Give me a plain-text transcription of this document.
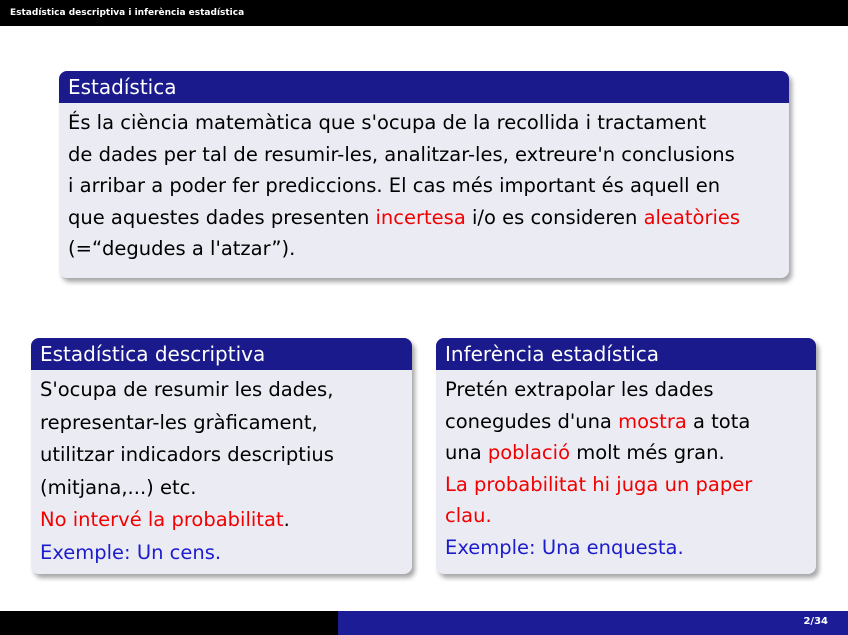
Estadística descriptiva i inferència estadística
Estadística
És la ciència matemàtica que s'ocupa de la recollida i tractament
de dades per tal de resumir-les, analitzar-les, extreure'n conclusions
i arribar a poder fer prediccions. El cas més important és aquell en
que aquestes dades presenten incertesa i/o es consideren aleatòries
(=“degudes a l'atzar”).
Estadística descriptiva
S'ocupa de resumir les dades,
representar-les gràficament,
utilitzar indicadors descriptius
(mitjana,...) etc.
No intervé la probabilitat.
Exemple: Un cens.
Inferència estadística
Pretén extrapolar les dades
conegudes d'una mostra a tota
una població molt més gran.
La probabilitat hi juga un paper
clau.
Exemple: Una enquesta.
2/34
